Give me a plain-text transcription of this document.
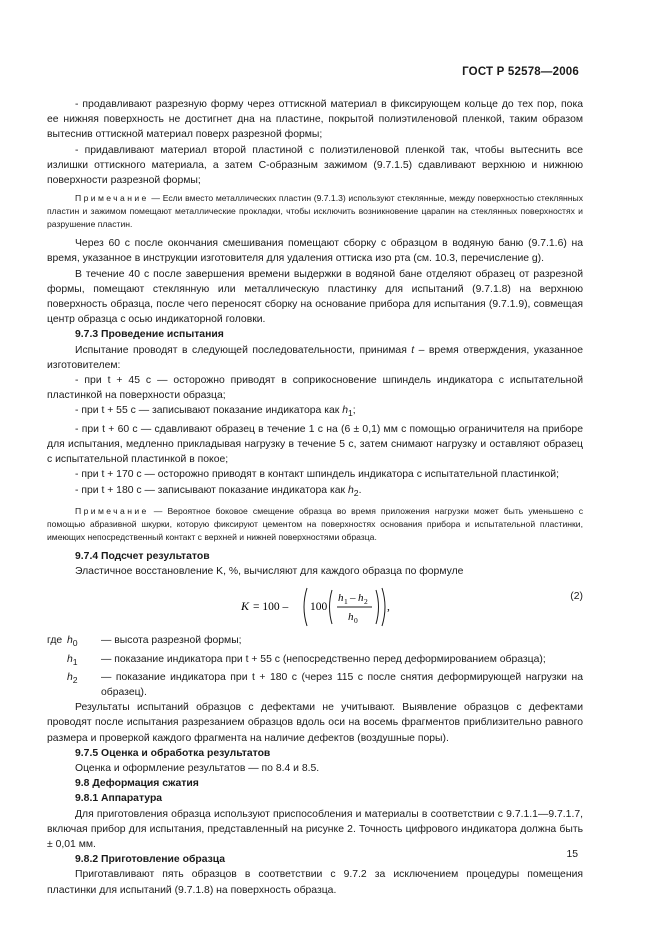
ГОСТ Р 52578—2006

- продавливают разрезную форму через оттискной материал в фиксирующем кольце до тех пор, пока ее нижняя поверхность не достигнет дна на пластине, покрытой полиэтиленовой пленкой, таким образом вытеснив оттискной материал поверх разрезной формы;

- придавливают материал второй пластиной с полиэтиленовой пленкой так, чтобы вытеснить все излишки оттискного материала, а затем С-образным зажимом (9.7.1.5) сдавливают верхнюю и нижнюю поверхности разрезной формы;

Примечание — Если вместо металлических пластин (9.7.1.3) используют стеклянные, между поверхностью стеклянных пластин и зажимом помещают металлические прокладки, чтобы исключить возникновение царапин на стеклянных поверхностях и разрушение пластин.

Через 60 с после окончания смешивания помещают сборку с образцом в водяную баню (9.7.1.6) на время, указанное в инструкции изготовителя для удаления оттиска изо рта (см. 10.3, перечисление g).

В течение 40 с после завершения времени выдержки в водяной бане отделяют образец от разрезной формы, помещают стеклянную или металлическую пластинку для испытаний (9.7.1.8) на верхнюю поверхность образца, после чего переносят сборку на основание прибора для испытания (9.7.1.9), совмещая центр образца с осью индикаторной головки.

9.7.3 Проведение испытания

Испытание проводят в следующей последовательности, принимая t – время отверждения, указанное изготовителем:

- при t + 45 с — осторожно приводят в соприкосновение шпиндель индикатора с испытательной пластинкой на поверхности образца;

- при t + 55 с — записывают показание индикатора как $h_1$;

- при t + 60 с — сдавливают образец в течение 1 с на (6 ± 0,1) мм с помощью ограничителя на приборе для испытания, медленно прикладывая нагрузку в течение 5 с, затем снимают нагрузку и оставляют образец с испытательной пластинкой в покое;

- при t + 170 с — осторожно приводят в контакт шпиндель индикатора с испытательной пластинкой;

- при t + 180 с — записывают показание индикатора как $h_2$.

Примечание — Вероятное боковое смещение образца во время приложения нагрузки может быть уменьшено с помощью абразивной шкурки, которую фиксируют цементом на поверхностях основания прибора и испытательной пластинки, имеющих непосредственный контакт с верхней и нижней поверхностями образца.

9.7.4 Подсчет результатов

Эластичное восстановление K, %, вычисляют для каждого образца по формуле

K = 100 – 100
h 1 – h 2
h 0
,
(2)
где $h_0$	— высота разрезной формы;
$h_1$	— показание индикатора при t + 55 с (непосредственно перед деформированием образца);
$h_2$	— показание индикатора при t + 180 с (через 115 с после снятия деформирующей нагрузки на образец).

Результаты испытаний образцов с дефектами не учитывают. Выявление образцов с дефектами проводят после испытания разрезанием образцов вдоль оси на восемь фрагментов приблизительно равного размера и проверкой каждого фрагмента на наличие дефектов (воздушные поры).

9.7.5 Оценка и обработка результатов

Оценка и оформление результатов — по 8.4 и 8.5.

9.8 Деформация сжатия
9.8.1 Аппаратура

Для приготовления образца используют приспособления и материалы в соответствии с 9.7.1.1—9.7.1.7, включая прибор для испытания, представленный на рисунке 2. Точность цифрового индикатора должна быть ± 0,01 мм.

9.8.2 Приготовление образца

Приготавливают пять образцов в соответствии с 9.7.2 за исключением процедуры помещения пластинки для испытаний (9.7.1.8) на поверхность образца.

15
